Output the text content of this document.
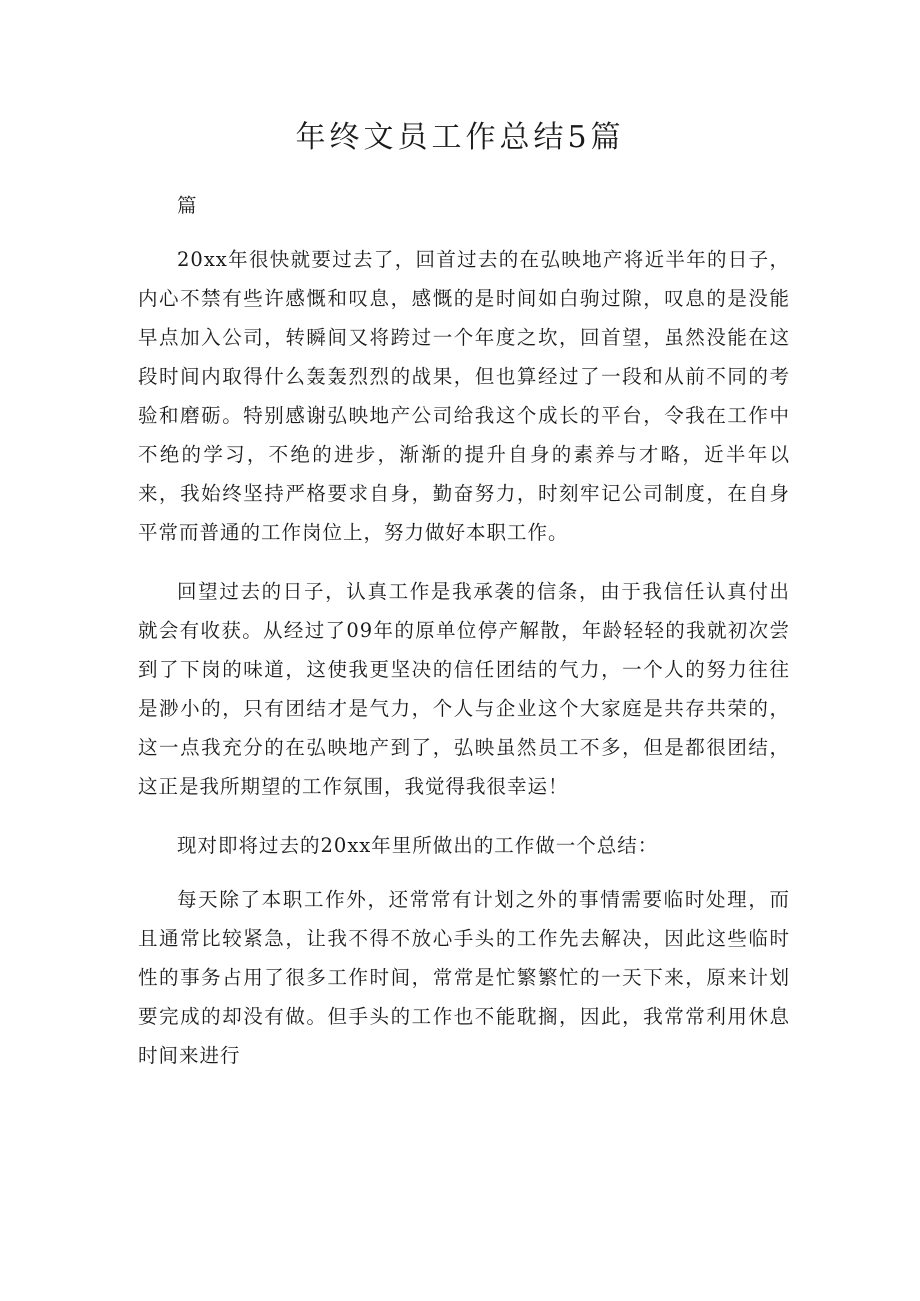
年终文员工作总结5篇

篇

20xx年很快就要过去了，回首过去的在弘映地产将近半年的日子，内心不禁有些许感慨和叹息，感慨的是时间如白驹过隙，叹息的是没能早点加入公司，转瞬间又将跨过一个年度之坎，回首望，虽然没能在这段时间内取得什么轰轰烈烈的战果，但也算经过了一段和从前不同的考验和磨砺。特别感谢弘映地产公司给我这个成长的平台，令我在工作中不绝的学习，不绝的进步，渐渐的提升自身的素养与才略，近半年以来，我始终坚持严格要求自身，勤奋努力，时刻牢记公司制度，在自身平常而普通的工作岗位上，努力做好本职工作。

回望过去的日子，认真工作是我承袭的信条，由于我信任认真付出就会有收获。从经过了09年的原单位停产解散，年龄轻轻的我就初次尝到了下岗的味道，这使我更坚决的信任团结的气力，一个人的努力往往是渺小的，只有团结才是气力，个人与企业这个大家庭是共存共荣的，这一点我充分的在弘映地产到了，弘映虽然员工不多，但是都很团结，这正是我所期望的工作氛围，我觉得我很幸运！

现对即将过去的20xx年里所做出的工作做一个总结：

每天除了本职工作外，还常常有计划之外的事情需要临时处理，而且通常比较紧急，让我不得不放心手头的工作先去解决，因此这些临时性的事务占用了很多工作时间，常常是忙繁繁忙的一天下来，原来计划要完成的却没有做。但手头的工作也不能耽搁，因此，我常常利用休息时间来进行
